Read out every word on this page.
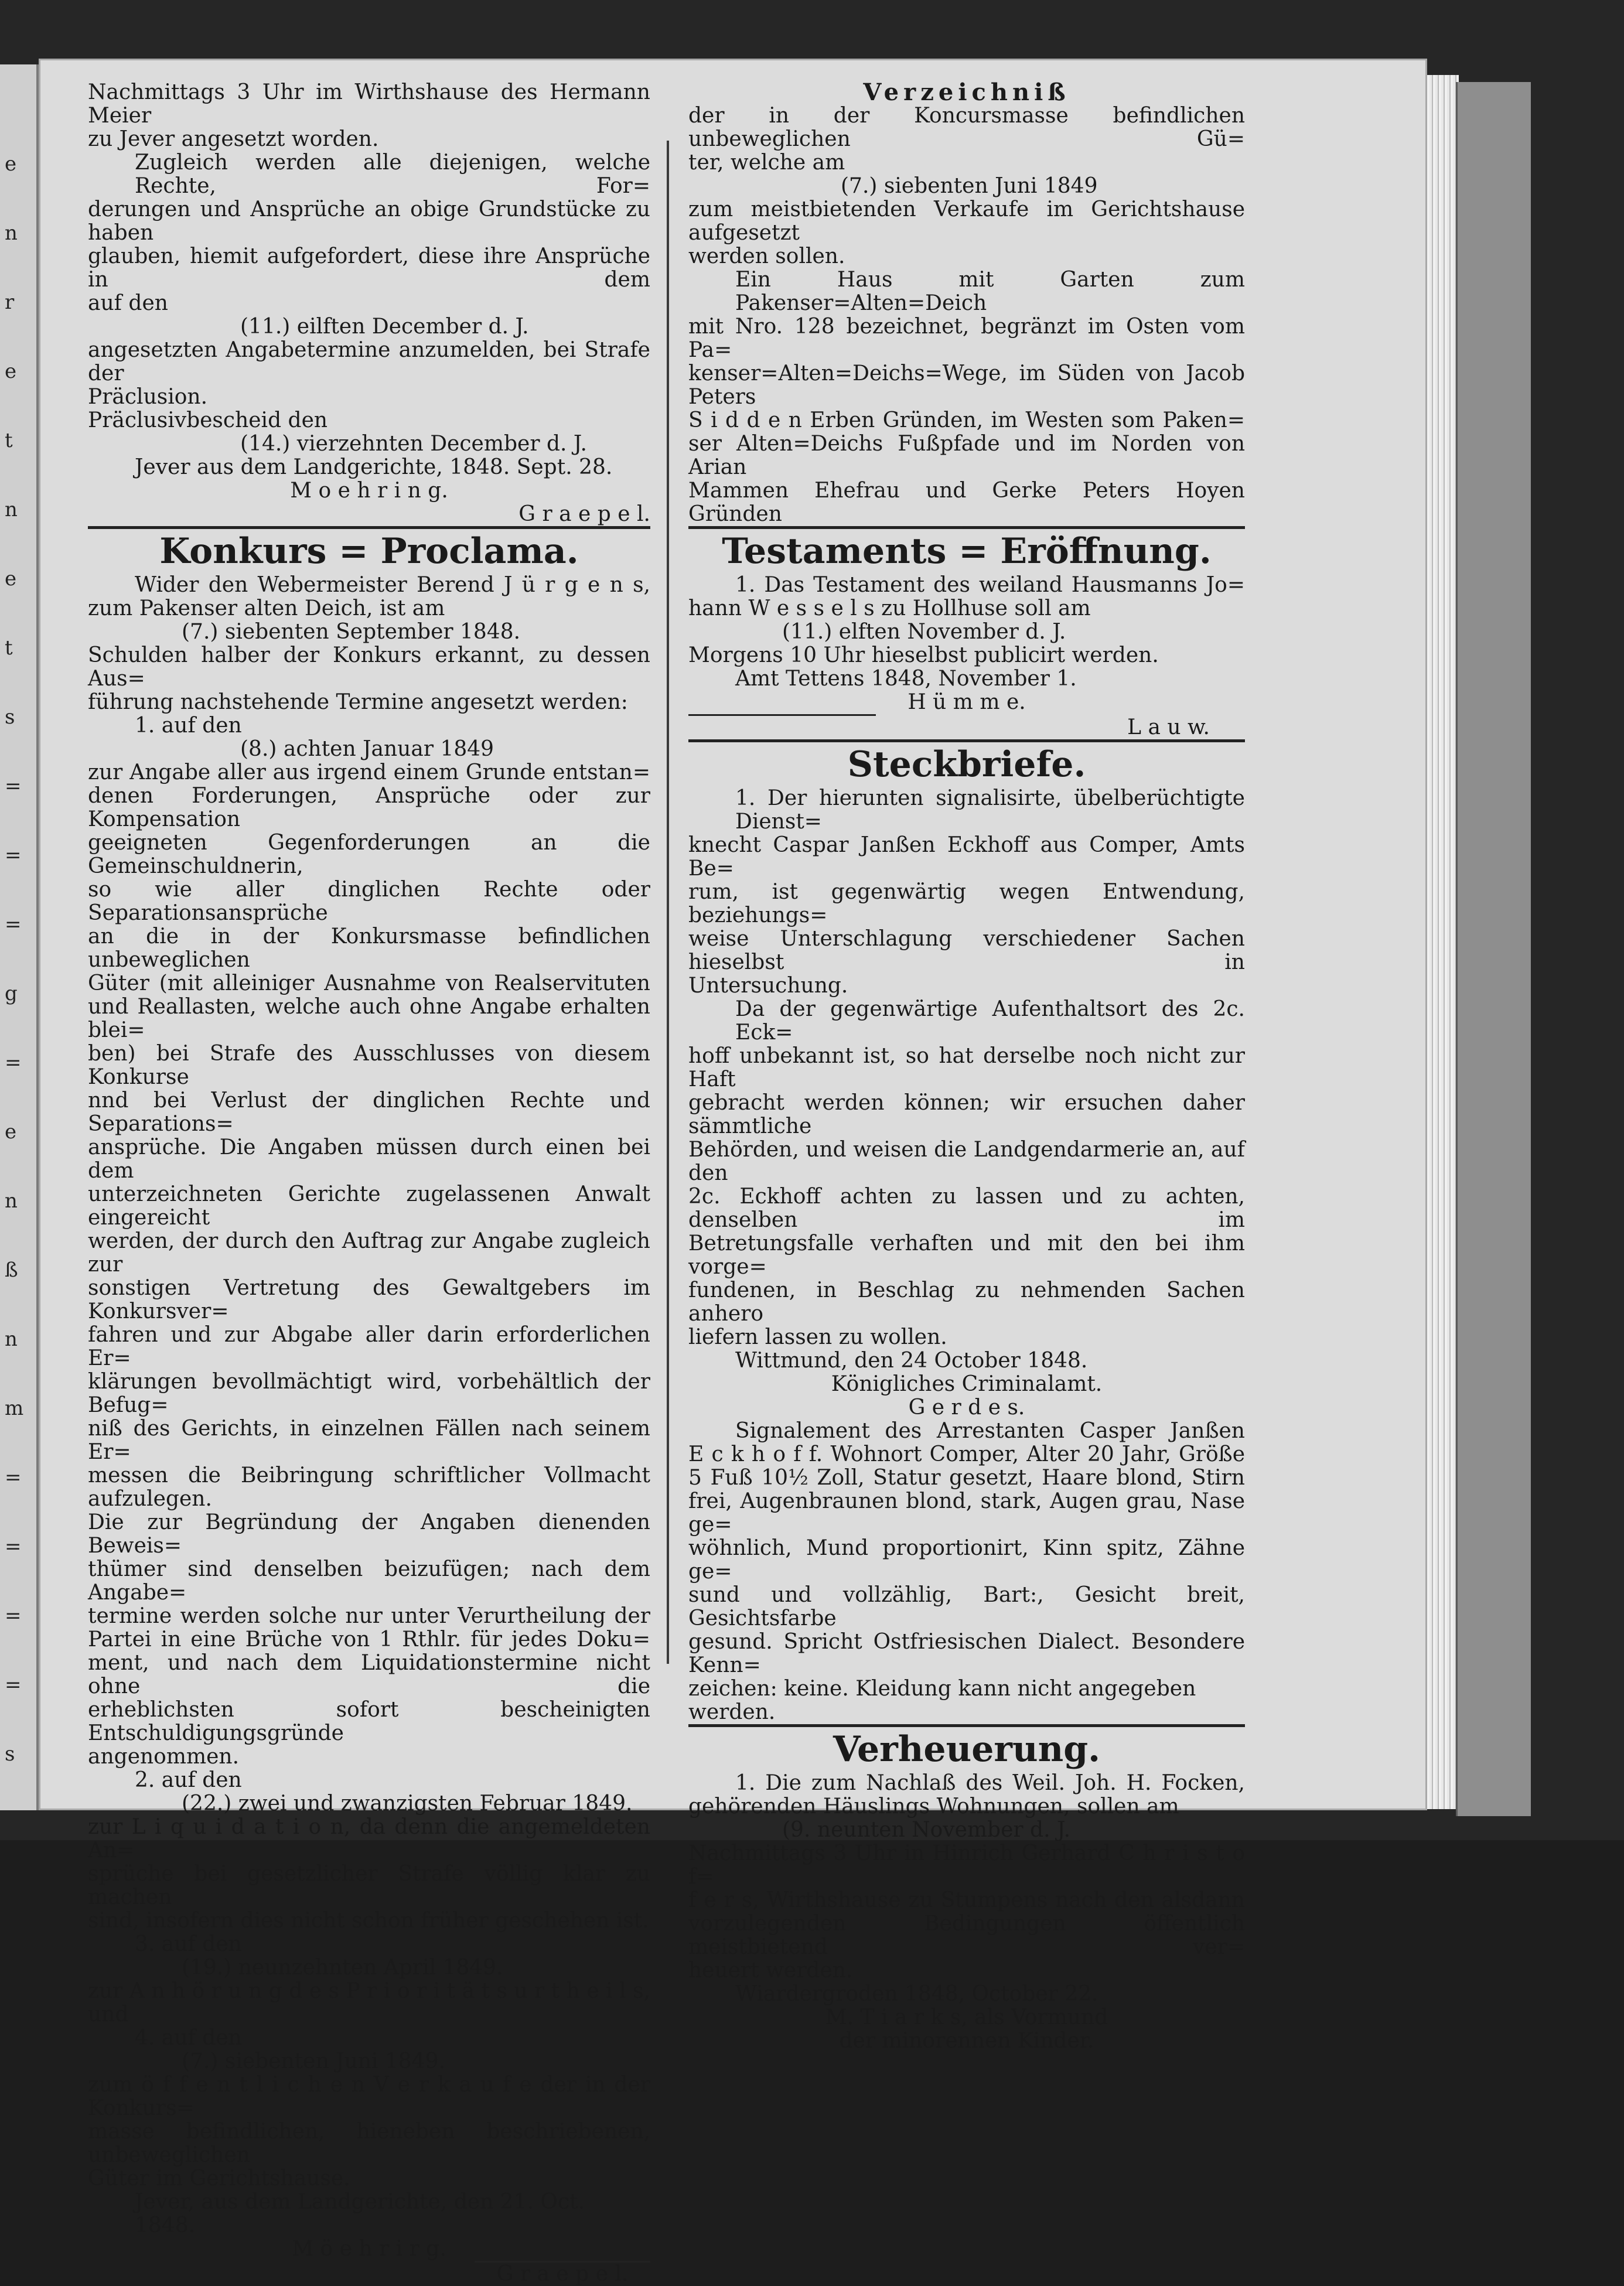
e
n
r
e
t
n
e
t
s
=
=
=
g
=
e
n
ß
n
m
=
=
=
=
s

Nachmittags 3 Uhr im Wirthshause des Hermann Meier

zu Jever angesetzt worden.

Zugleich werden alle diejenigen, welche Rechte, For=

derungen und Ansprüche an obige Grundstücke zu haben

glauben, hiemit aufgefordert, diese ihre Ansprüche in dem

auf den

(11.) eilften December d. J.

angesetzten Angabetermine anzumelden, bei Strafe der

Präclusion.

Präclusivbescheid den

(14.) vierzehnten December d. J.

Jever aus dem Landgerichte, 1848. Sept. 28.

M o e h r i n g.

G r a e p e l.

Konkurs = Proclama.

Wider den Webermeister Berend J ü r g e n s,

zum Pakenser alten Deich, ist am

(7.) siebenten September 1848.

Schulden halber der Konkurs erkannt, zu dessen Aus=

führung nachstehende Termine angesetzt werden:

1. auf den

(8.) achten Januar 1849

zur Angabe aller aus irgend einem Grunde entstan=

denen Forderungen, Ansprüche oder zur Kompensation

geeigneten Gegenforderungen an die Gemeinschuldnerin,

so wie aller dinglichen Rechte oder Separationsansprüche

an die in der Konkursmasse befindlichen unbeweglichen

Güter (mit alleiniger Ausnahme von Realservituten

und Reallasten, welche auch ohne Angabe erhalten blei=

ben) bei Strafe des Ausschlusses von diesem Konkurse

nnd bei Verlust der dinglichen Rechte und Separations=

ansprüche. Die Angaben müssen durch einen bei dem

unterzeichneten Gerichte zugelassenen Anwalt eingereicht

werden, der durch den Auftrag zur Angabe zugleich zur

sonstigen Vertretung des Gewaltgebers im Konkursver=

fahren und zur Abgabe aller darin erforderlichen Er=

klärungen bevollmächtigt wird, vorbehältlich der Befug=

niß des Gerichts, in einzelnen Fällen nach seinem Er=

messen die Beibringung schriftlicher Vollmacht aufzulegen.

Die zur Begründung der Angaben dienenden Beweis=

thümer sind denselben beizufügen; nach dem Angabe=

termine werden solche nur unter Verurtheilung der

Partei in eine Brüche von 1 Rthlr. für jedes Doku=

ment, und nach dem Liquidationstermine nicht ohne die

erheblichsten sofort bescheinigten Entschuldigungsgründe

angenommen.

2. auf den

(22.) zwei und zwanzigsten Februar 1849.

zur L i q u i d a t i o n, da denn die angemeldeten An=

sprüche bei gesetzlicher Strafe völlig klar zu machen

sind, insofern dies nicht schon früher geschehen ist.

3. auf den

(19.) neunzehnten April 1849.

zur A n h ö r u n g d e s P r i o r i t ä t s u r t h e i l s, und

4. auf den

(7.) siebenten Juni 1849.

zum ö f f e n t l i c h e n V e r k a u f e der in der Konkurs=

masse befindlichen, hieneben beschriebenen, unbeweglichen

Güter im Gerichtshause.

Jever, aus dem Landgerichte, den 21. Oct. 1848.

M ö e h r i r g.

G r a e p e l.

Verzeichniß

der in der Koncursmasse befindlichen unbeweglichen Gü=

ter, welche am

(7.) siebenten Juni 1849

zum meistbietenden Verkaufe im Gerichtshause aufgesetzt

werden sollen.

Ein Haus mit Garten zum Pakenser=Alten=Deich

mit Nro. 128 bezeichnet, begränzt im Osten vom Pa=

kenser=Alten=Deichs=Wege, im Süden von Jacob Peters

S i d d e n Erben Gründen, im Westen som Paken=

ser Alten=Deichs Fußpfade und im Norden von Arian

Mammen Ehefrau und Gerke Peters Hoyen Gründen

Testaments = Eröffnung.

1. Das Testament des weiland Hausmanns Jo=

hann W e s s e l s zu Hollhuse soll am

(11.) elften November d. J.

Morgens 10 Uhr hieselbst publicirt werden.

Amt Tettens 1848, November 1.

H ü m m e.

L a u w.

Steckbriefe.

1. Der hierunten signalisirte, übelberüchtigte Dienst=

knecht Caspar Janßen Eckhoff aus Comper, Amts Be=

rum, ist gegenwärtig wegen Entwendung, beziehungs=

weise Unterschlagung verschiedener Sachen hieselbst in

Untersuchung.

Da der gegenwärtige Aufenthaltsort des 2c. Eck=

hoff unbekannt ist, so hat derselbe noch nicht zur Haft

gebracht werden können; wir ersuchen daher sämmtliche

Behörden, und weisen die Landgendarmerie an, auf den

2c. Eckhoff achten zu lassen und zu achten, denselben im

Betretungsfalle verhaften und mit den bei ihm vorge=

fundenen, in Beschlag zu nehmenden Sachen anhero

liefern lassen zu wollen.

Wittmund, den 24 October 1848.

Königliches Criminalamt.

G e r d e s.

Signalement des Arrestanten Casper Janßen

E c k h o f f. Wohnort Comper, Alter 20 Jahr, Größe

5 Fuß 10½ Zoll, Statur gesetzt, Haare blond, Stirn

frei, Augenbraunen blond, stark, Augen grau, Nase ge=

wöhnlich, Mund proportionirt, Kinn spitz, Zähne ge=

sund und vollzählig, Bart:, Gesicht breit, Gesichtsfarbe

gesund. Spricht Ostfriesischen Dialect. Besondere Kenn=

zeichen: keine. Kleidung kann nicht angegeben werden.

Verheuerung.

1. Die zum Nachlaß des Weil. Joh. H. Focken,

gehörenden Häuslings Wohnungen, sollen am

(9. neunten November d. J.

Nachmittags 3 Uhr in Hinrich Gerhard C h r i s t o f=

f e r s, Wirthshause zu Stumpens nach den alsdann

vorzulegenden Bedingungen öffentlich meistbietend ver=

heuert werden.

Wiardergroden 1848, October 22.

M. T i a r k s, als Vormund

der minorennen Kinder.
